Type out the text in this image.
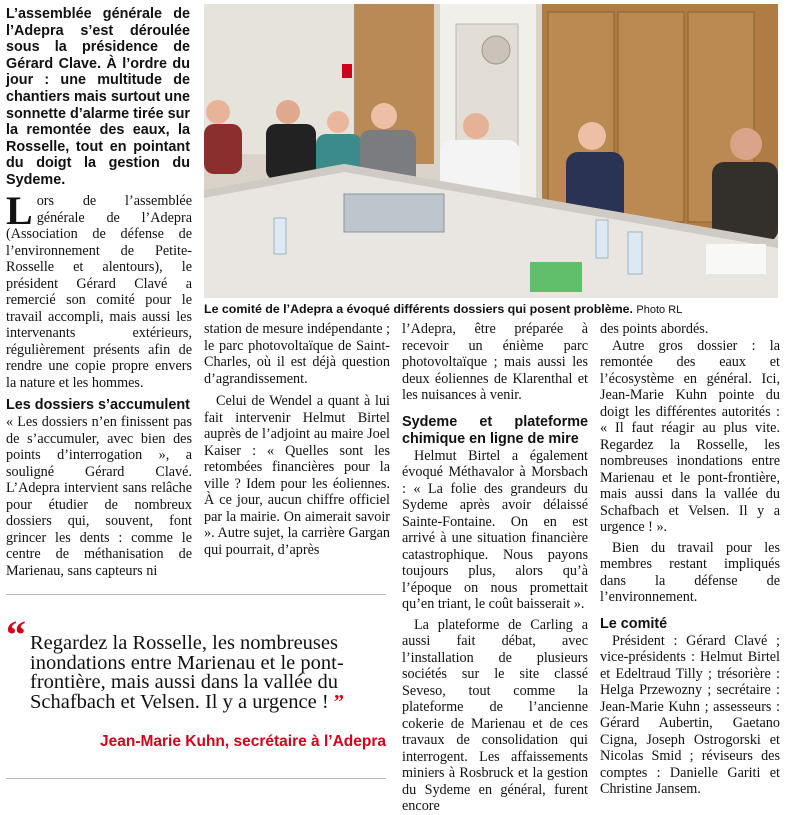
L’assemblée générale de l’Adepra s’est déroulée sous la présidence de Gérard Clave. À l’ordre du jour : une multitude de chantiers mais surtout une sonnette d’alarme tirée sur la remontée des eaux, la Rosselle, tout en pointant du doigt la gestion du Sydeme.

Lors de l’assemblée générale de l’Adepra (Association de défense de l’environnement de Petite-Rosselle et alentours), le président Gérard Clavé a remercié son comité pour le travail accompli, mais aussi les intervenants extérieurs, régulièrement présents afin de rendre une copie propre envers la nature et les hommes.

Les dossiers s’accumulent

« Les dossiers n’en finissent pas de s’accumuler, avec bien des points d’interrogation », a souligné Gérard Clavé. L’Adepra intervient sans relâche pour étudier de nombreux dossiers qui, souvent, font grincer les dents : comme le centre de méthanisation de Marienau, sans capteurs ni

Le comité de l’Adepra a évoqué différents dossiers qui posent problème. Photo RL

station de mesure indépendante ; le parc photovoltaïque de Saint-Charles, où il est déjà question d’agrandissement.

Celui de Wendel a quant à lui fait intervenir Helmut Birtel auprès de l’adjoint au maire Joel Kaiser : « Quelles sont les retombées financières pour la ville ? Idem pour les éoliennes. À ce jour, aucun chiffre officiel par la mairie. On aimerait savoir ». Autre sujet, la carrière Gargan qui pourrait, d’après

l’Adepra, être préparée à recevoir un énième parc photovoltaïque ; mais aussi les deux éoliennes de Klarenthal et les nuisances à venir.

Sydeme et plateforme chimique en ligne de mire

Helmut Birtel a également évoqué Méthavalor à Morsbach : « La folie des grandeurs du Sydeme après avoir délaissé Sainte-Fontaine. On en est arrivé à une situation financière catastrophique. Nous payons toujours plus, alors qu’à l’époque on nous promettait qu’en triant, le coût baisserait ».

La plateforme de Carling a aussi fait débat, avec l’installation de plusieurs sociétés sur le site classé Seveso, tout comme la plateforme de l’ancienne cokerie de Marienau et de ces travaux de consolidation qui interrogent. Les affaissements miniers à Rosbruck et la gestion du Sydeme en général, furent encore

des points abordés.

Autre gros dossier : la remontée des eaux et l’écosystème en général. Ici, Jean-Marie Kuhn pointe du doigt les différentes autorités : « Il faut réagir au plus vite. Regardez la Rosselle, les nombreuses inondations entre Marienau et le pont-frontière, mais aussi dans la vallée du Schafbach et Velsen. Il y a urgence ! ».

Bien du travail pour les membres restant impliqués dans la défense de l’environnement.

Le comité

Président : Gérard Clavé ; vice-présidents : Helmut Birtel et Edeltraud Tilly ; trésorière : Helga Przewozny ; secrétaire : Jean-Marie Kuhn ; assesseurs : Gérard Aubertin, Gaetano Cigna, Joseph Ostrogorski et Nicolas Smid ; réviseurs des comptes : Danielle Gariti et Christine Jansem.

“ Regardez la Rosselle, les nombreuses inondations entre Marienau et le pont-frontière, mais aussi dans la vallée du Schafbach et Velsen. Il y a urgence ! ”
Jean-Marie Kuhn, secrétaire à l’Adepra
